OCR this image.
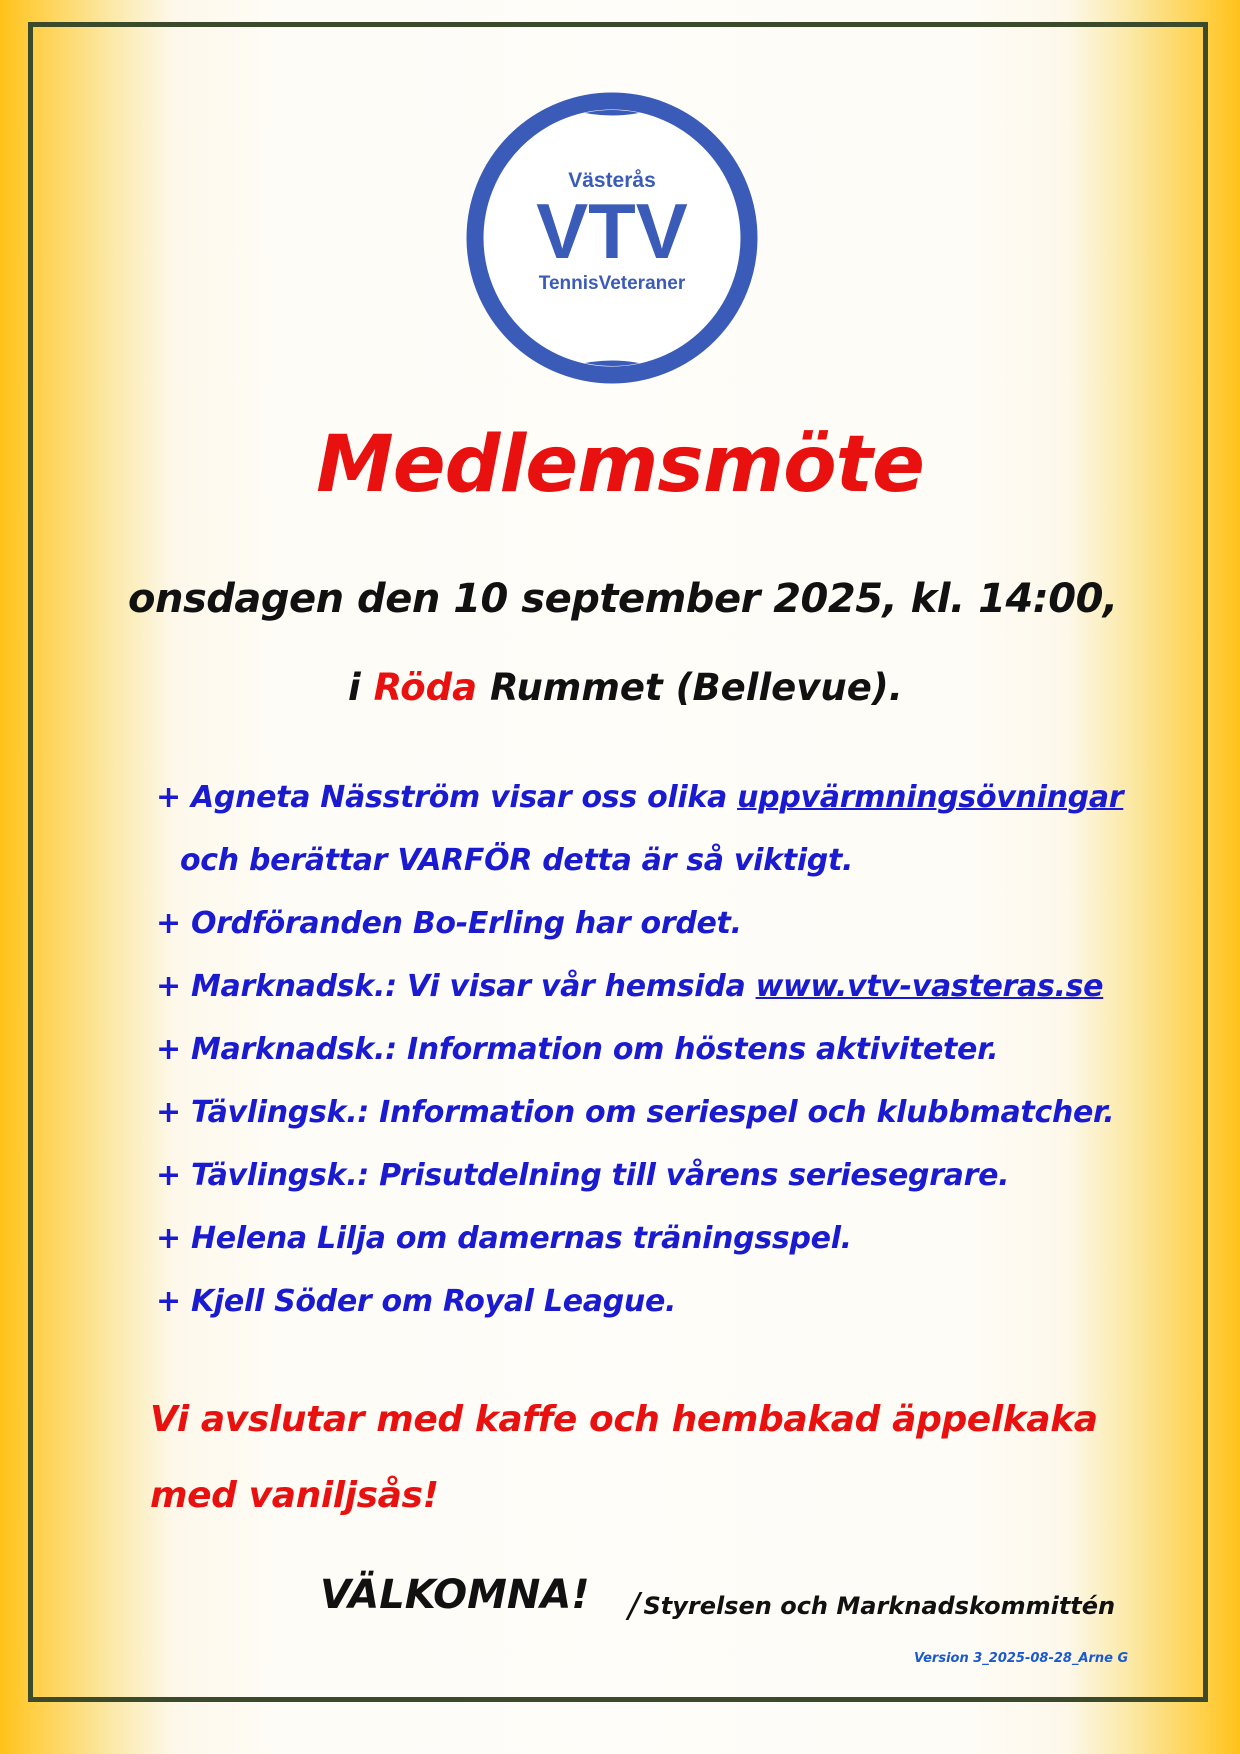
Västerås
VTV
TennisVeteraner
Medlemsmöte
onsdagen den 10 september 2025, kl. 14:00,
i Röda Rummet (Bellevue).
+ Agneta Näsström visar oss olika uppvärmningsövningar
och berättar VARFÖR detta är så viktigt.
+ Ordföranden Bo-Erling har ordet.
+ Marknadsk.: Vi visar vår hemsida www.vtv-vasteras.se
+ Marknadsk.: Information om höstens aktiviteter.
+ Tävlingsk.: Information om seriespel och klubbmatcher.
+ Tävlingsk.: Prisutdelning till vårens seriesegrare.
+ Helena Lilja om damernas träningsspel.
+ Kjell Söder om Royal League.
Vi avslutar med kaffe och hembakad äppelkaka
med vaniljsås!
VÄLKOMNA! / Styrelsen och Marknadskommittén
Version 3_2025-08-28_Arne G
